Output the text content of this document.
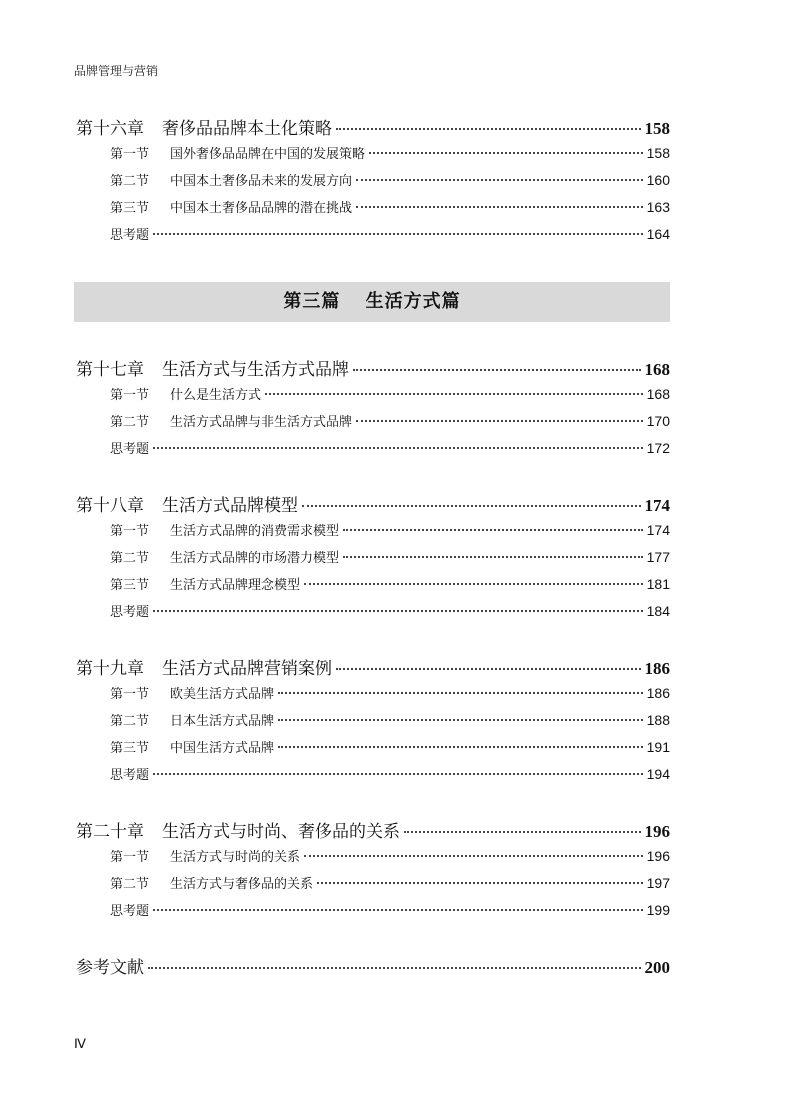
品牌管理与营销
第十六章	奢侈品品牌本土化策略	158
第一节	国外奢侈品品牌在中国的发展策略	158
第二节	中国本土奢侈品未来的发展方向	160
第三节	中国本土奢侈品品牌的潜在挑战	163
思考题	164
第十七章	生活方式与生活方式品牌	168
第一节	什么是生活方式	168
第二节	生活方式品牌与非生活方式品牌	170
思考题	172
第十八章	生活方式品牌模型	174
第一节	生活方式品牌的消费需求模型	174
第二节	生活方式品牌的市场潜力模型	177
第三节	生活方式品牌理念模型	181
思考题	184
第十九章	生活方式品牌营销案例	186
第一节	欧美生活方式品牌	186
第二节	日本生活方式品牌	188
第三节	中国生活方式品牌	191
思考题	194
第二十章	生活方式与时尚、奢侈品的关系	196
第一节	生活方式与时尚的关系	196
第二节	生活方式与奢侈品的关系	197
思考题	199
参考文献	200
第三篇 生活方式篇
Ⅳ
